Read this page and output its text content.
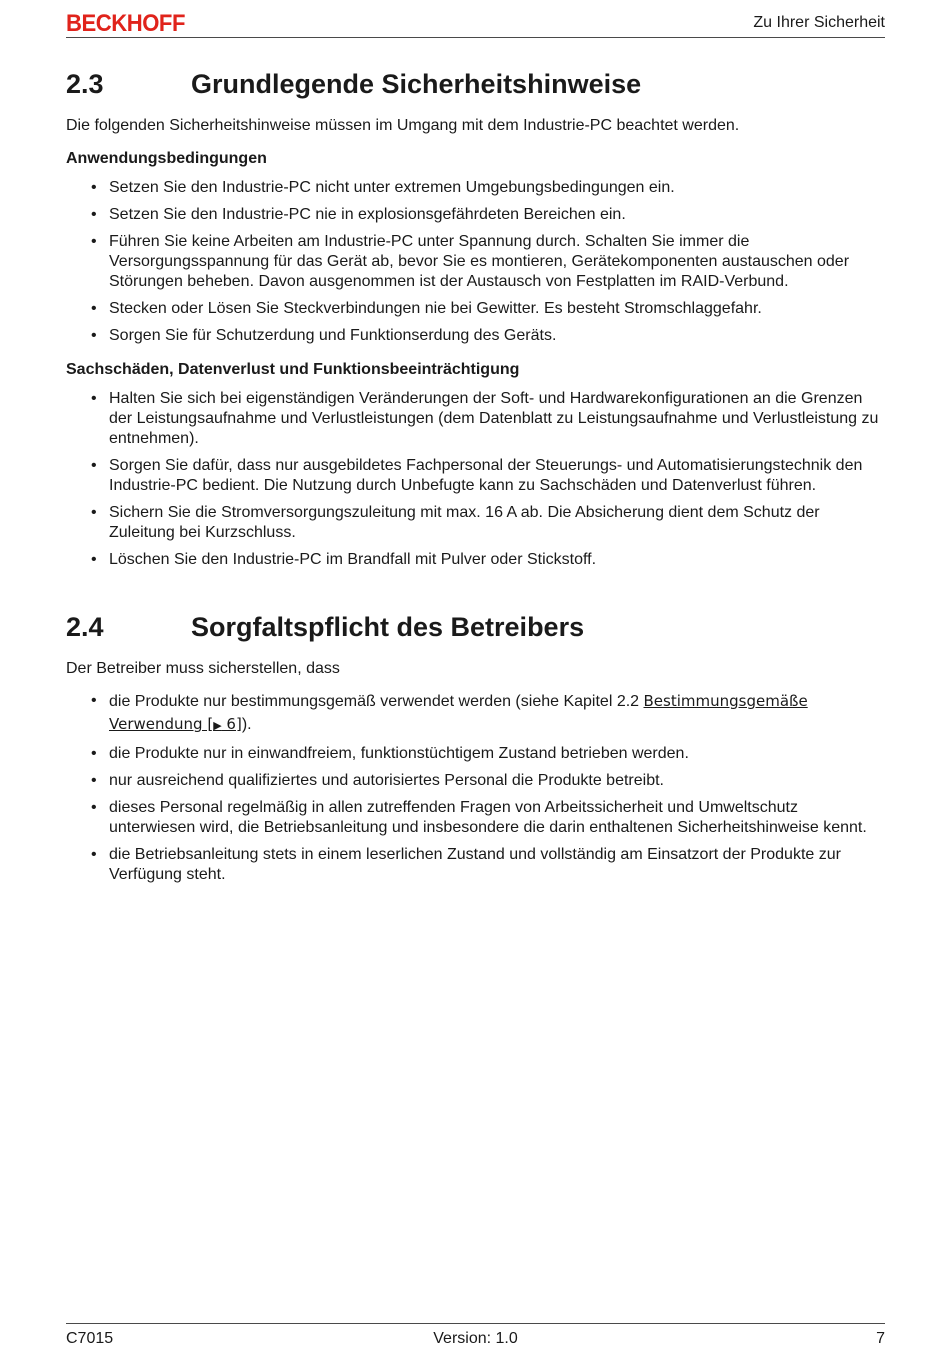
BECKHOFF	Zu Ihrer Sicherheit
2.3	Grundlegende Sicherheitshinweise

Die folgenden Sicherheitshinweise müssen im Umgang mit dem Industrie-PC beachtet werden.

Anwendungsbedingungen

• Setzen Sie den Industrie-PC nicht unter extremen Umgebungsbedingungen ein.
• Setzen Sie den Industrie-PC nie in explosionsgefährdeten Bereichen ein.
• Führen Sie keine Arbeiten am Industrie-PC unter Spannung durch. Schalten Sie immer die Versorgungsspannung für das Gerät ab, bevor Sie es montieren, Gerätekomponenten austauschen oder Störungen beheben. Davon ausgenommen ist der Austausch von Festplatten im RAID-Verbund.
• Stecken oder Lösen Sie Steckverbindungen nie bei Gewitter. Es besteht Stromschlaggefahr.
• Sorgen Sie für Schutzerdung und Funktionserdung des Geräts.

Sachschäden, Datenverlust und Funktionsbeeinträchtigung

• Halten Sie sich bei eigenständigen Veränderungen der Soft- und Hardwarekonfigurationen an die Grenzen der Leistungsaufnahme und Verlustleistungen (dem Datenblatt zu Leistungsaufnahme und Verlustleistung zu entnehmen).
• Sorgen Sie dafür, dass nur ausgebildetes Fachpersonal der Steuerungs- und Automatisierungstechnik den Industrie-PC bedient. Die Nutzung durch Unbefugte kann zu Sachschäden und Datenverlust führen.
• Sichern Sie die Stromversorgungszuleitung mit max. 16 A ab. Die Absicherung dient dem Schutz der Zuleitung bei Kurzschluss.
• Löschen Sie den Industrie-PC im Brandfall mit Pulver oder Stickstoff.
2.4	Sorgfaltspflicht des Betreibers

Der Betreiber muss sicherstellen, dass

• die Produkte nur bestimmungsgemäß verwendet werden (siehe Kapitel 2.2 Bestimmungsgemäße Verwendung [▶ 6]).
• die Produkte nur in einwandfreiem, funktionstüchtigem Zustand betrieben werden.
• nur ausreichend qualifiziertes und autorisiertes Personal die Produkte betreibt.
• dieses Personal regelmäßig in allen zutreffenden Fragen von Arbeitssicherheit und Umweltschutz unterwiesen wird, die Betriebsanleitung und insbesondere die darin enthaltenen Sicherheitshinweise kennt.
• die Betriebsanleitung stets in einem leserlichen Zustand und vollständig am Einsatzort der Produkte zur Verfügung steht.
C7015	Version: 1.0	7
